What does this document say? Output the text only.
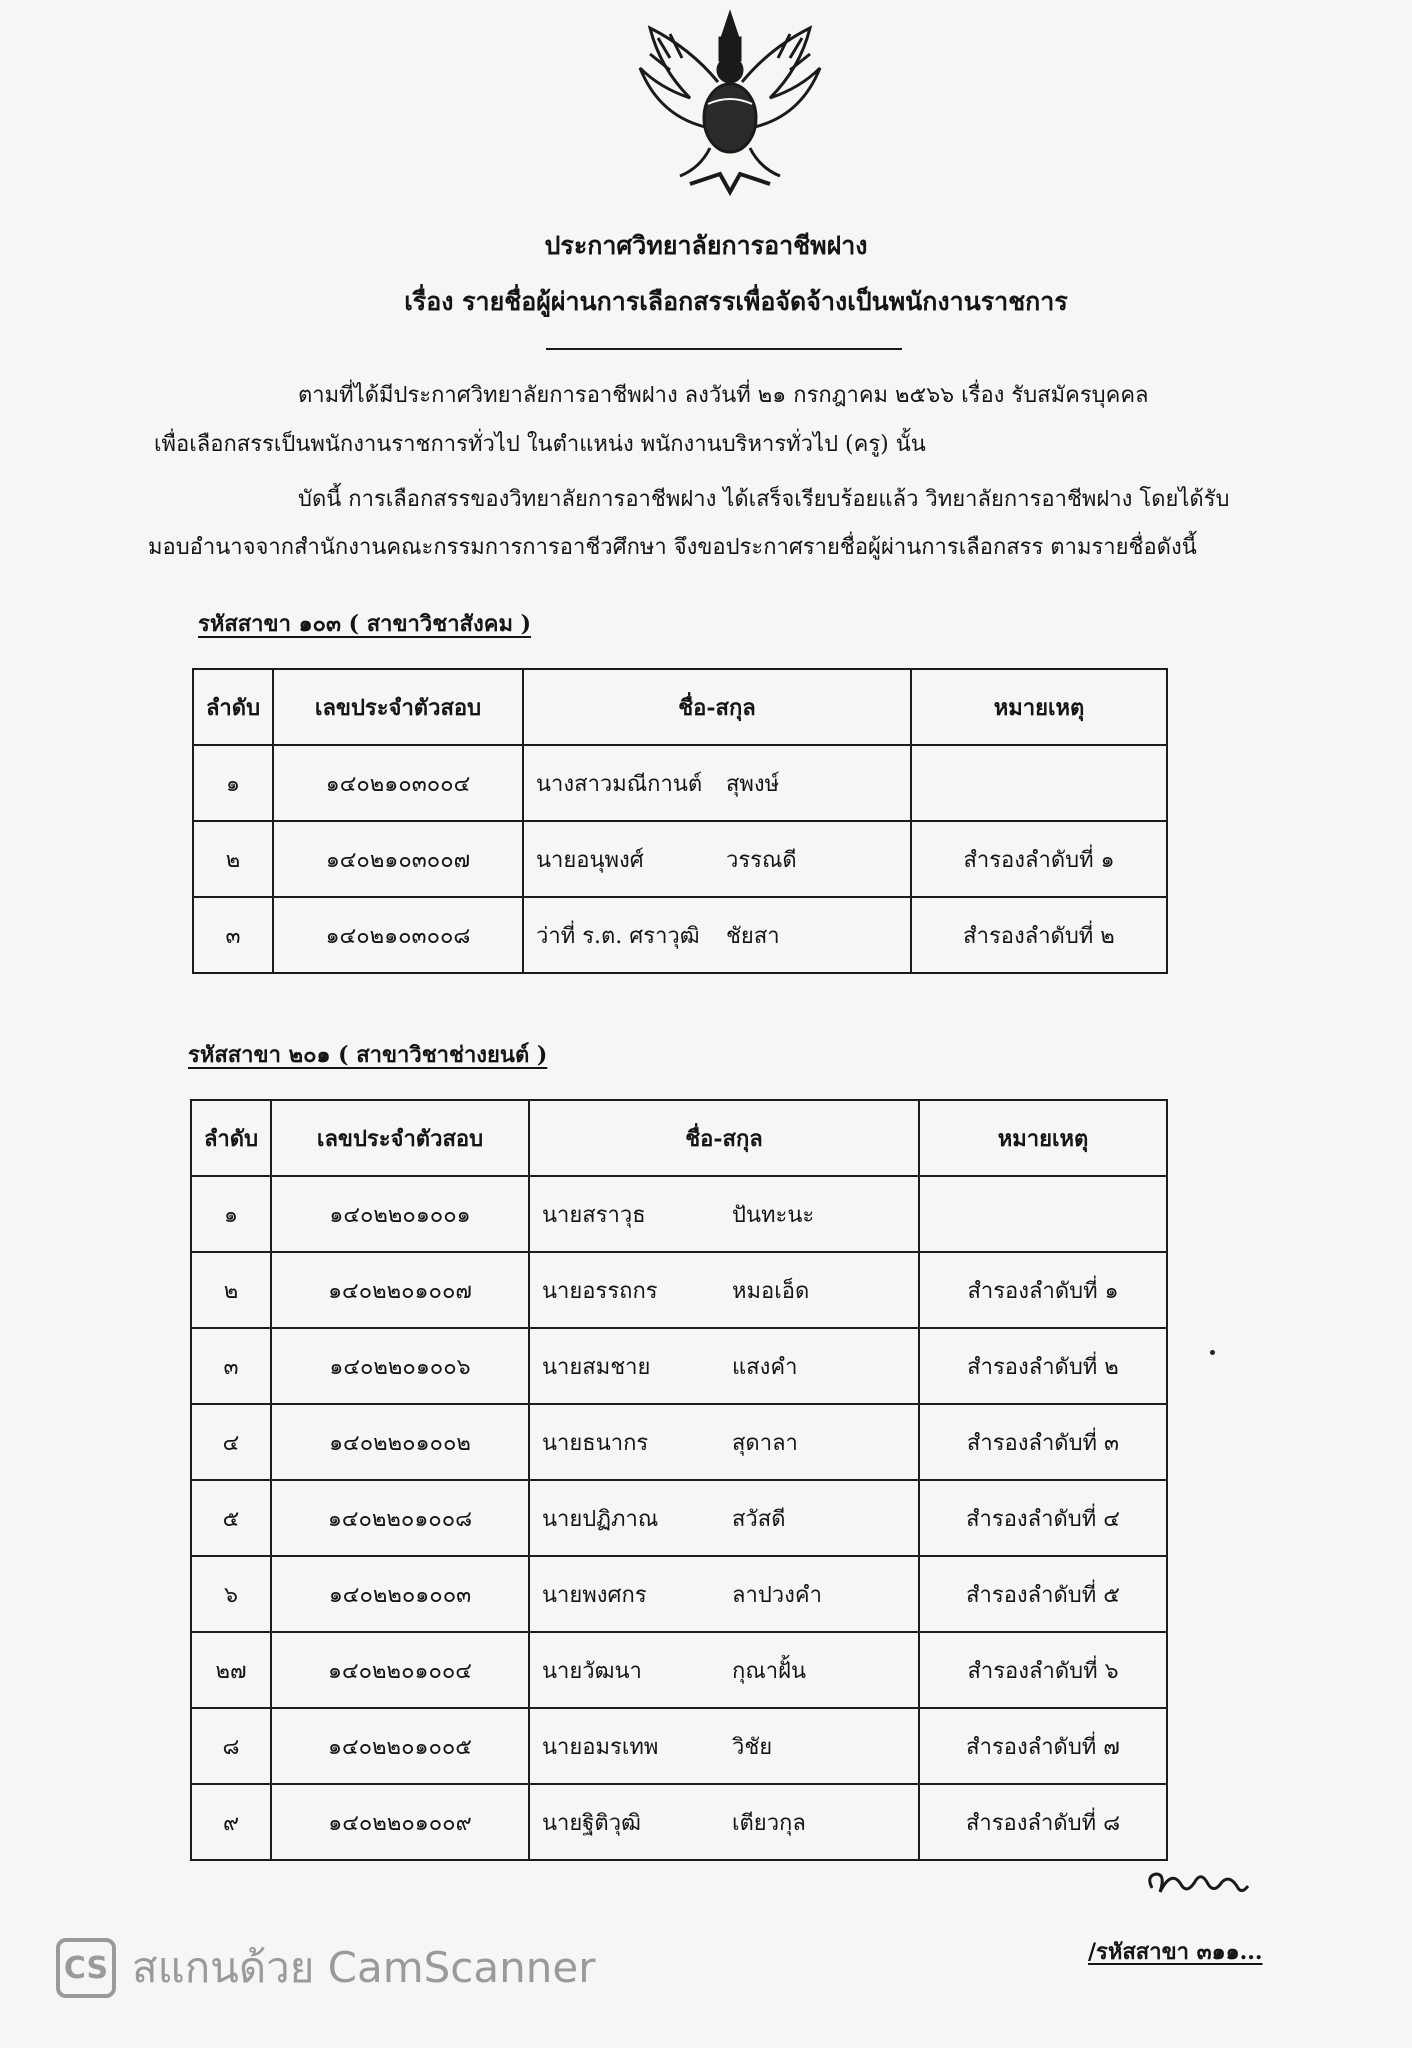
ประกาศวิทยาลัยการอาชีพฝาง
เรื่อง รายชื่อผู้ผ่านการเลือกสรรเพื่อจัดจ้างเป็นพนักงานราชการ
ตามที่ได้มีประกาศวิทยาลัยการอาชีพฝาง ลงวันที่ ๒๑ กรกฎาคม ๒๕๖๖ เรื่อง รับสมัครบุคคล
เพื่อเลือกสรรเป็นพนักงานราชการทั่วไป ในตำแหน่ง พนักงานบริหารทั่วไป (ครู) นั้น
บัดนี้ การเลือกสรรของวิทยาลัยการอาชีพฝาง ได้เสร็จเรียบร้อยแล้ว วิทยาลัยการอาชีพฝาง โดยได้รับ
มอบอำนาจจากสำนักงานคณะกรรมการการอาชีวศึกษา จึงขอประกาศรายชื่อผู้ผ่านการเลือกสรร ตามรายชื่อดังนี้
รหัสสาขา ๑๐๓ ( สาขาวิชาสังคม )
ลำดับ	เลขประจำตัวสอบ	ชื่อ-สกุล	หมายเหตุ
๑	๑๔๐๒๑๐๓๐๐๔	นางสาวมณีกานต์ สุพงษ์	
๒	๑๔๐๒๑๐๓๐๐๗	นายอนุพงศ์ วรรณดี	สำรองลำดับที่ ๑
๓	๑๔๐๒๑๐๓๐๐๘	ว่าที่ ร.ต. ศราวุฒิ ชัยสา	สำรองลำดับที่ ๒
รหัสสาขา ๒๐๑ ( สาขาวิชาช่างยนต์ )
ลำดับ	เลขประจำตัวสอบ	ชื่อ-สกุล	หมายเหตุ
๑	๑๔๐๒๒๐๑๐๐๑	นายสราวุธ ปันทะนะ	
๒	๑๔๐๒๒๐๑๐๐๗	นายอรรถกร หมอเอ็ด	สำรองลำดับที่ ๑
๓	๑๔๐๒๒๐๑๐๐๖	นายสมชาย แสงคำ	สำรองลำดับที่ ๒
๔	๑๔๐๒๒๐๑๐๐๒	นายธนากร สุดาลา	สำรองลำดับที่ ๓
๕	๑๔๐๒๒๐๑๐๐๘	นายปฏิภาณ สวัสดี	สำรองลำดับที่ ๔
๖	๑๔๐๒๒๐๑๐๐๓	นายพงศกร ลาปวงคำ	สำรองลำดับที่ ๕
๒๗	๑๔๐๒๒๐๑๐๐๔	นายวัฒนา กุณาฝั้น	สำรองลำดับที่ ๖
๘	๑๔๐๒๒๐๑๐๐๕	นายอมรเทพ วิชัย	สำรองลำดับที่ ๗
๙	๑๔๐๒๒๐๑๐๐๙	นายฐิติวุฒิ เตียวกุล	สำรองลำดับที่ ๘
/รหัสสาขา ๓๑๑...
CS สแกนด้วย CamScanner
